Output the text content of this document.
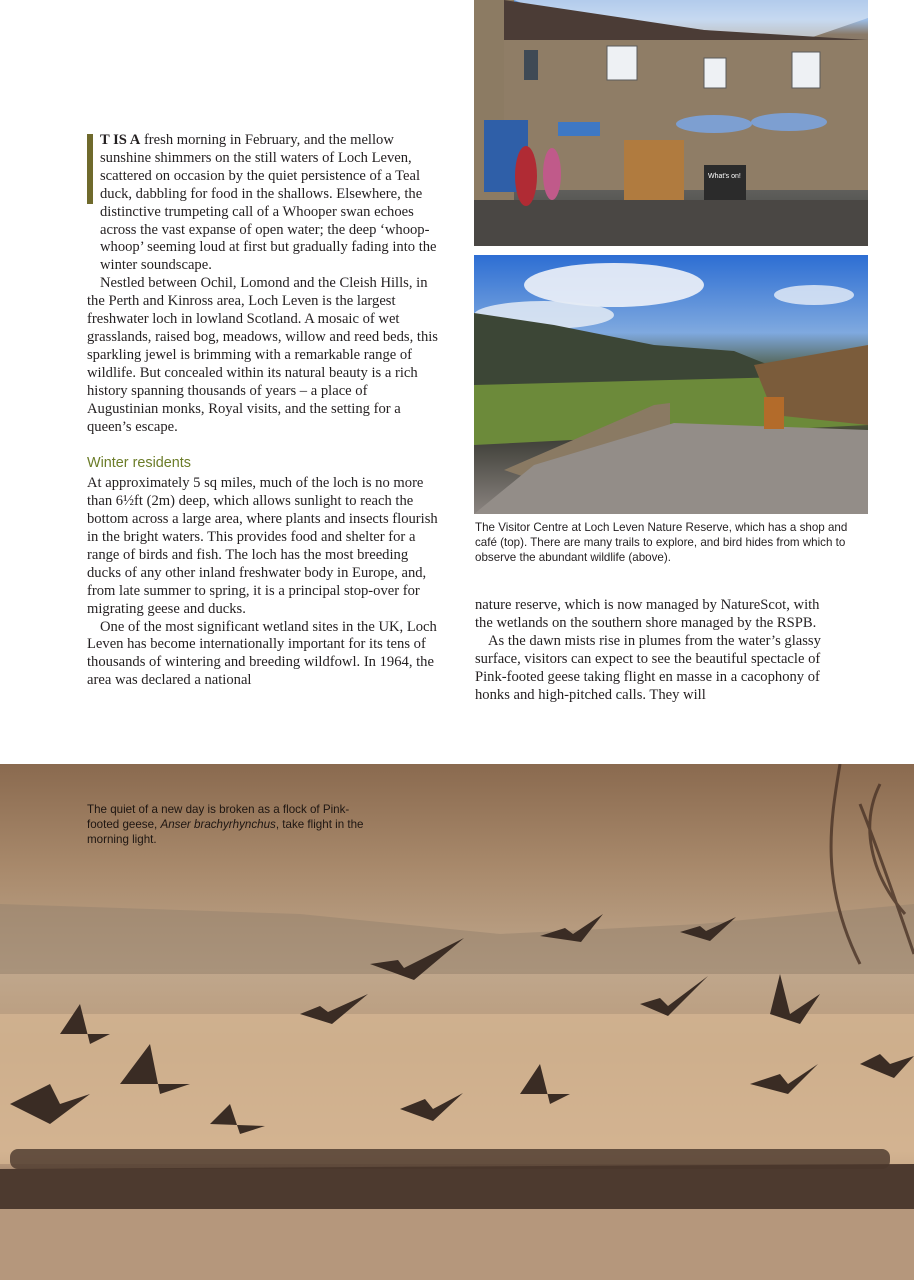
What's on!
The Visitor Centre at Loch Leven Nature Reserve, which has a shop and café (top). There are many trails to explore, and bird hides from which to observe the abundant wildlife (above).

T IS A fresh morning in February, and the mellow sunshine shimmers on the still waters of Loch Leven, scattered on occasion by the quiet persistence of a Teal duck, dabbling for food in the shallows. Elsewhere, the distinctive trumpeting call of a Whooper swan echoes across the vast expanse of open water; the deep ‘whoop-whoop’ seeming loud at first but gradually fading into the winter soundscape.

Nestled between Ochil, Lomond and the Cleish Hills, in the Perth and Kinross area, Loch Leven is the largest freshwater loch in lowland Scotland. A mosaic of wet grasslands, raised bog, meadows, willow and reed beds, this sparkling jewel is brimming with a remarkable range of wildlife. But concealed within its natural beauty is a rich history spanning thousands of years – a place of Augustinian monks, Royal visits, and the setting for a queen’s escape.

Winter residents

At approximately 5 sq miles, much of the loch is no more than 6½ft (2m) deep, which allows sunlight to reach the bottom across a large area, where plants and insects flourish in the bright waters. This provides food and shelter for a range of birds and fish. The loch has the most breeding ducks of any other inland freshwater body in Europe, and, from late summer to spring, it is a principal stop-over for migrating geese and ducks.

One of the most significant wetland sites in the UK, Loch Leven has become internationally important for its tens of thousands of wintering and breeding wildfowl. In 1964, the area was declared a national

nature reserve, which is now managed by NatureScot, with the wetlands on the southern shore managed by the RSPB.

As the dawn mists rise in plumes from the water’s glassy surface, visitors can expect to see the beautiful spectacle of Pink-footed geese taking flight en masse in a cacophony of honks and high-pitched calls. They will

The quiet of a new day is broken as a flock of Pink-footed geese, Anser brachyrhynchus, take flight in the morning light.
